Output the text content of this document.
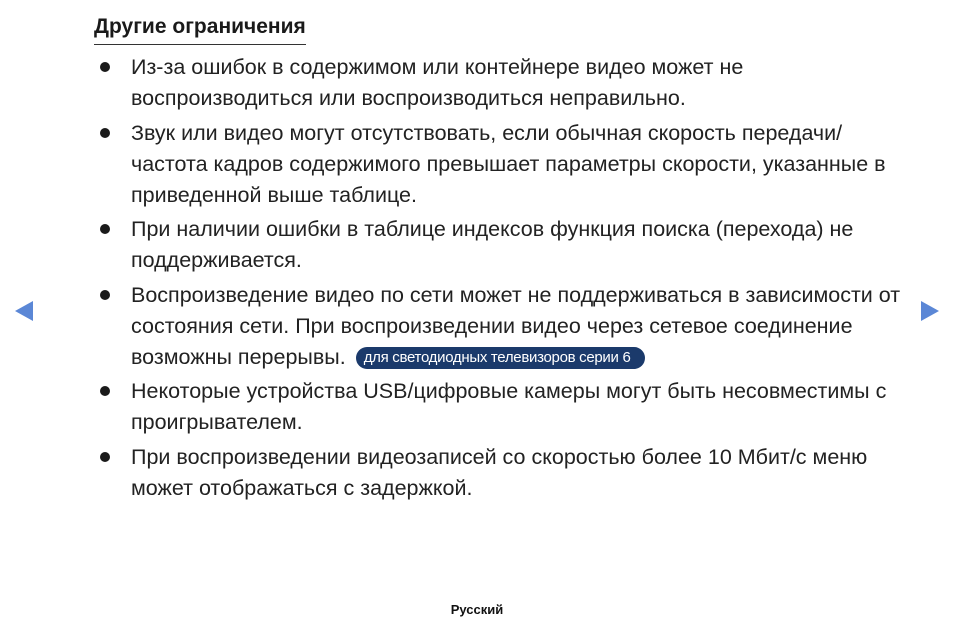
Другие ограничения
Из-за ошибок в содержимом или контейнере видео может не воспроизводиться или воспроизводиться неправильно.
Звук или видео могут отсутствовать, если обычная скорость передачи/ частота кадров содержимого превышает параметры скорости, указанные в приведенной выше таблице.
При наличии ошибки в таблице индексов функция поиска (перехода) не поддерживается.
Воспроизведение видео по сети может не поддерживаться в зависимости от состояния сети. При воспроизведении видео через сетевое соединение возможны перерывы. для светодиодных телевизоров серии 6
Некоторые устройства USB/цифровые камеры могут быть несовместимы с проигрывателем.
При воспроизведении видеозаписей со скоростью более 10 Мбит/с меню может отображаться с задержкой.
Русский
